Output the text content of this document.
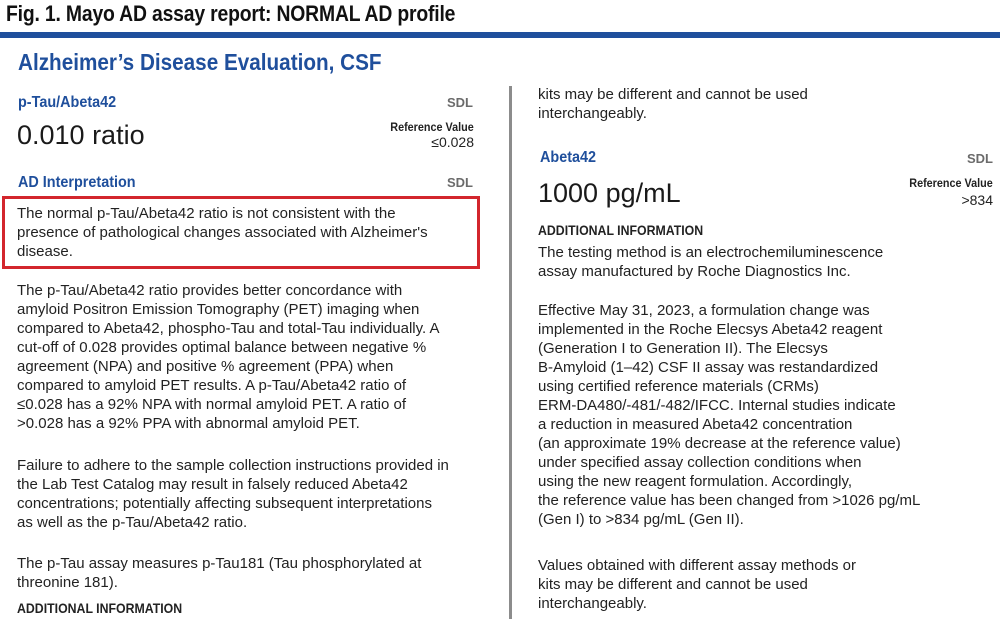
Fig. 1. Mayo AD assay report: NORMAL AD profile
Alzheimer’s Disease Evaluation, CSF
p-Tau/Abeta42	SDL
0.010 ratio	Reference Value
≤0.028
AD Interpretation	SDL
The normal p-Tau/Abeta42 ratio is not consistent with the
presence of pathological changes associated with Alzheimer's
disease.
The p-Tau/Abeta42 ratio provides better concordance with
amyloid Positron Emission Tomography (PET) imaging when
compared to Abeta42, phospho-Tau and total-Tau individually. A
cut-off of 0.028 provides optimal balance between negative %
agreement (NPA) and positive % agreement (PPA) when
compared to amyloid PET results. A p-Tau/Abeta42 ratio of
≤0.028 has a 92% NPA with normal amyloid PET. A ratio of
>0.028 has a 92% PPA with abnormal amyloid PET.
Failure to adhere to the sample collection instructions provided in
the Lab Test Catalog may result in falsely reduced Abeta42
concentrations; potentially affecting subsequent interpretations
as well as the p-Tau/Abeta42 ratio.
The p-Tau assay measures p-Tau181 (Tau phosphorylated at
threonine 181).
ADDITIONAL INFORMATION
kits may be different and cannot be used
interchangeably.
Abeta42	SDL
1000 pg/mL	Reference Value
>834
ADDITIONAL INFORMATION
The testing method is an electrochemiluminescence
assay manufactured by Roche Diagnostics Inc.
Effective May 31, 2023, a formulation change was
implemented in the Roche Elecsys Abeta42 reagent
(Generation I to Generation II). The Elecsys
B-Amyloid (1–42) CSF II assay was restandardized
using certified reference materials (CRMs)
ERM-DA480/-481/-482/IFCC. Internal studies indicate
a reduction in measured Abeta42 concentration
(an approximate 19% decrease at the reference value)
under specified assay collection conditions when
using the new reagent formulation. Accordingly,
the reference value has been changed from >1026 pg/mL
(Gen I) to >834 pg/mL (Gen II).
Values obtained with different assay methods or
kits may be different and cannot be used
interchangeably.
